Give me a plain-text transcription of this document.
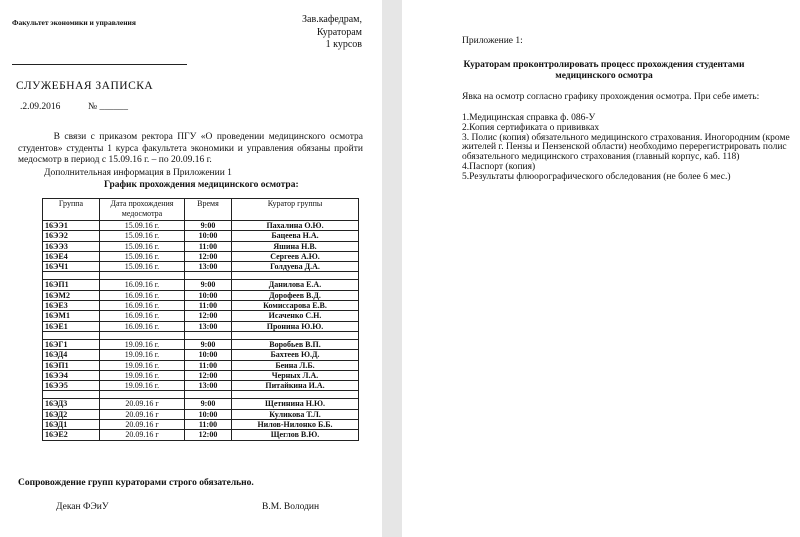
Факультет экономики и управления	Зав.кафедрам,
Кураторам
1 курсов
СЛУЖЕБНАЯ ЗАПИСКА
.2.09.2016	№ ______
В связи с приказом ректора ПГУ «О проведении медицинского осмотра студентов» студенты 1 курса факультета экономики и управления обязаны пройти медосмотр в период с 15.09.16 г. – по 20.09.16 г.
Дополнительная информация в Приложении 1
График прохождения медицинского осмотра:
Группа	Дата прохождения медосмотра	Время	Куратор группы
16ЭЭ1	15.09.16 г.	9:00	Пахалина О.Ю.
16ЭЭ2	15.09.16 г.	10:00	Бацеева Н.А.
16ЭЭ3	15.09.16 г.	11:00	Яшина Н.В.
16ЭЕ4	15.09.16 г.	12:00	Сергеев А.Ю.
16ЭЧ1	15.09.16 г.	13:00	Голдуева Д.А.

16ЭП1	16.09.16 г.	9:00	Данилова Е.А.
16ЭМ2	16.09.16 г.	10:00	Дорофеев В.Д.
16ЭЕ3	16.09.16 г.	11:00	Комиссарова Е.В.
16ЭМ1	16.09.16 г.	12:00	Исаченко С.Н.
16ЭЕ1	16.09.16 г.	13:00	Пронина Ю.Ю.

16ЭГ1	19.09.16 г.	9:00	Воробьев В.П.
16ЭД4	19.09.16 г.	10:00	Бахтеев Ю.Д.
16ЭП1	19.09.16 г.	11:00	Беина Л.Б.
16ЭЭ4	19.09.16 г.	12:00	Черных Л.А.
16ЭЭ5	19.09.16 г.	13:00	Питайкина И.А.

16ЭД3	20.09.16 г	9:00	Щетинина Н.Ю.
16ЭД2	20.09.16 г	10:00	Куликова Т.Л.
16ЭД1	20.09.16 г	11:00	Нилов-Нилонко Б.Б.
16ЭЕ2	20.09.16 г	12:00	Щеглов В.Ю.
Сопровождение групп кураторами строго обязательно.
Декан ФЭиУ	В.М. Володин
Приложение 1:
Кураторам проконтролировать процесс прохождения студентами медицинского осмотра
Явка на осмотр согласно графику прохождения осмотра. При себе иметь:
1.Медицинская справка ф. 086-У
2.Копия сертификата о прививках
3. Полис (копия) обязательного медицинского страхования. Иногородним (кроме жителей г. Пензы и Пензенской области) необходимо перерегистрировать полис обязательного медицинского страхования (главный корпус, каб. 118)
4.Паспорт (копия)
5.Результаты флюорографического обследования (не более 6 мес.)
